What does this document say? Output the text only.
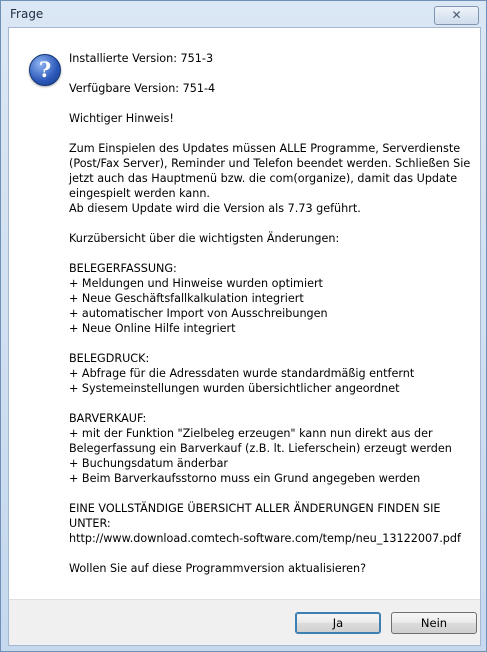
Frage	✕
?	Installierte Version: 751-3
Verfügbare Version: 751-4
Wichtiger Hinweis!
Zum Einspielen des Updates müssen ALLE Programme, Serverdienste
(Post/Fax Server), Reminder und Telefon beendet werden. Schließen Sie
jetzt auch das Hauptmenü bzw. die com(organize), damit das Update
eingespielt werden kann.
Ab diesem Update wird die Version als 7.73 geführt.
Kurzübersicht über die wichtigsten Änderungen:
BELEGERFASSUNG:
+ Meldungen und Hinweise wurden optimiert
+ Neue Geschäftsfallkalkulation integriert
+ automatischer Import von Ausschreibungen
+ Neue Online Hilfe integriert
BELEGDRUCK:
+ Abfrage für die Adressdaten wurde standardmäßig entfernt
+ Systemeinstellungen wurden übersichtlicher angeordnet
BARVERKAUF:
+ mit der Funktion "Zielbeleg erzeugen" kann nun direkt aus der
Belegerfassung ein Barverkauf (z.B. lt. Lieferschein) erzeugt werden
+ Buchungsdatum änderbar
+ Beim Barverkaufsstorno muss ein Grund angegeben werden
EINE VOLLSTÄNDIGE ÜBERSICHT ALLER ÄNDERUNGEN FINDEN SIE
UNTER:
http://www.download.comtech-software.com/temp/neu_13122007.pdf
Wollen Sie auf diese Programmversion aktualisieren?
Ja	Nein
